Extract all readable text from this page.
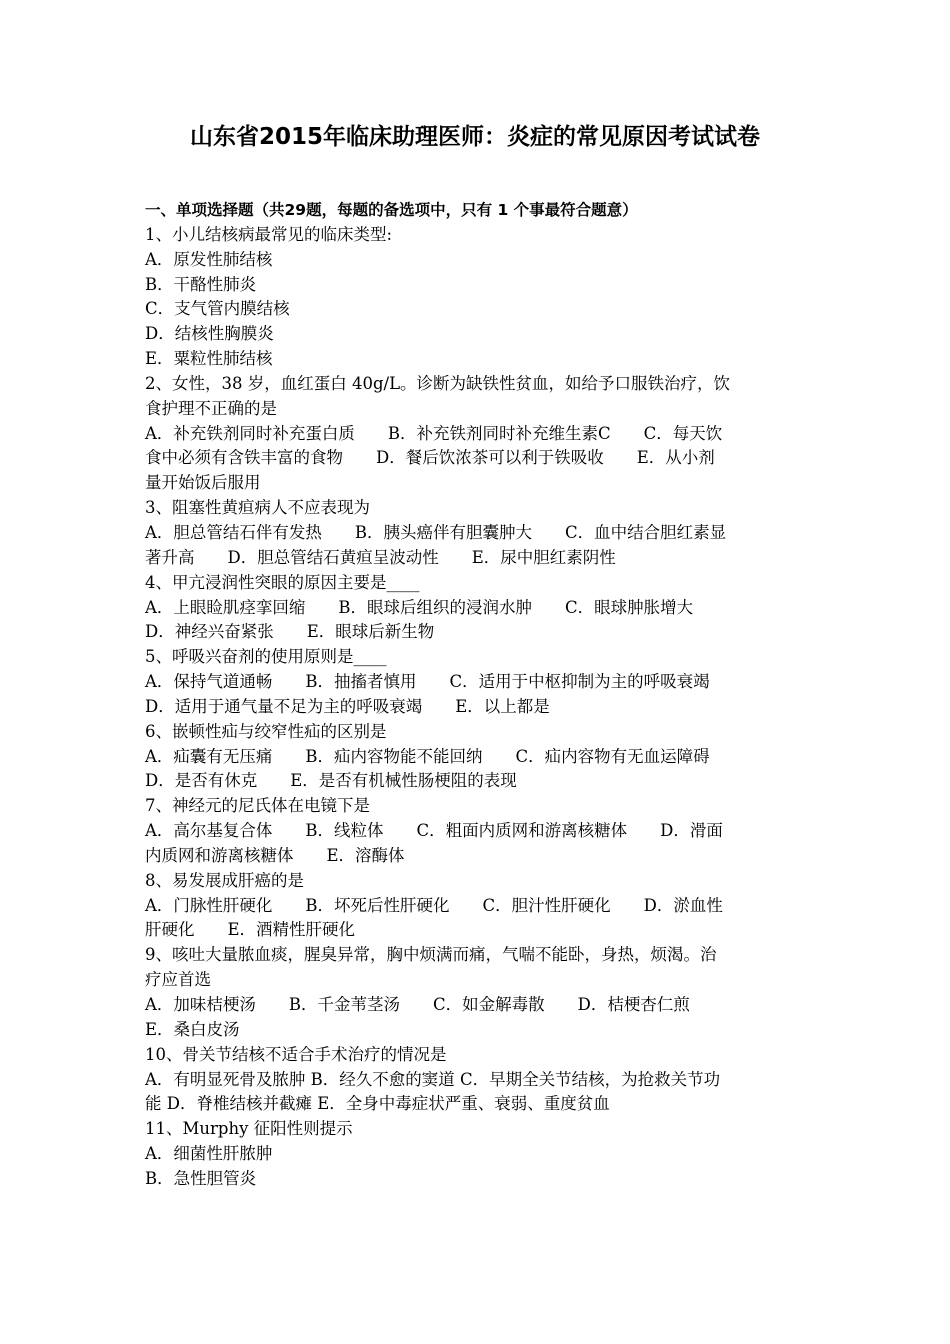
山东省2015年临床助理医师：炎症的常见原因考试试卷
一、单项选择题（共29题，每题的备选项中，只有 1 个事最符合题意）
1、小儿结核病最常见的临床类型:
A．原发性肺结核
B．干酪性肺炎
C．支气管内膜结核
D．结核性胸膜炎
E．粟粒性肺结核
2、女性，38 岁，血红蛋白 40g/L。诊断为缺铁性贫血，如给予口服铁治疗，饮
食护理不正确的是
A．补充铁剂同时补充蛋白质　　B．补充铁剂同时补充维生素C　　C．每天饮
食中必须有含铁丰富的食物　　D．餐后饮浓茶可以利于铁吸收　　E．从小剂
量开始饭后服用
3、阻塞性黄疸病人不应表现为
A．胆总管结石伴有发热　　B．胰头癌伴有胆囊肿大　　C．血中结合胆红素显
著升高　　D．胆总管结石黄疸呈波动性　　E．尿中胆红素阴性
4、甲亢浸润性突眼的原因主要是____
A．上眼睑肌痉挛回缩　　B．眼球后组织的浸润水肿　　C．眼球肿胀增大
D．神经兴奋紧张　　E．眼球后新生物
5、呼吸兴奋剂的使用原则是____
A．保持气道通畅　　B．抽搐者慎用　　C．适用于中枢抑制为主的呼吸衰竭
D．适用于通气量不足为主的呼吸衰竭　　E．以上都是
6、嵌顿性疝与绞窄性疝的区别是
A．疝囊有无压痛　　B．疝内容物能不能回纳　　C．疝内容物有无血运障碍
D．是否有休克　　E．是否有机械性肠梗阻的表现
7、神经元的尼氏体在电镜下是
A．高尔基复合体　　B．线粒体　　C．粗面内质网和游离核糖体　　D．滑面
内质网和游离核糖体　　E．溶酶体
8、易发展成肝癌的是
A．门脉性肝硬化　　B．坏死后性肝硬化　　C．胆汁性肝硬化　　D．淤血性
肝硬化　　E．酒精性肝硬化
9、咳吐大量脓血痰，腥臭异常，胸中烦满而痛，气喘不能卧，身热，烦渴。治
疗应首选
A．加味桔梗汤　　B．千金苇茎汤　　C．如金解毒散　　D．桔梗杏仁煎
E．桑白皮汤
10、骨关节结核不适合手术治疗的情况是
A．有明显死骨及脓肿 B．经久不愈的窦道 C．早期全关节结核，为抢救关节功
能 D．脊椎结核并截瘫 E．全身中毒症状严重、衰弱、重度贫血
11、Murphy 征阳性则提示
A．细菌性肝脓肿
B．急性胆管炎
